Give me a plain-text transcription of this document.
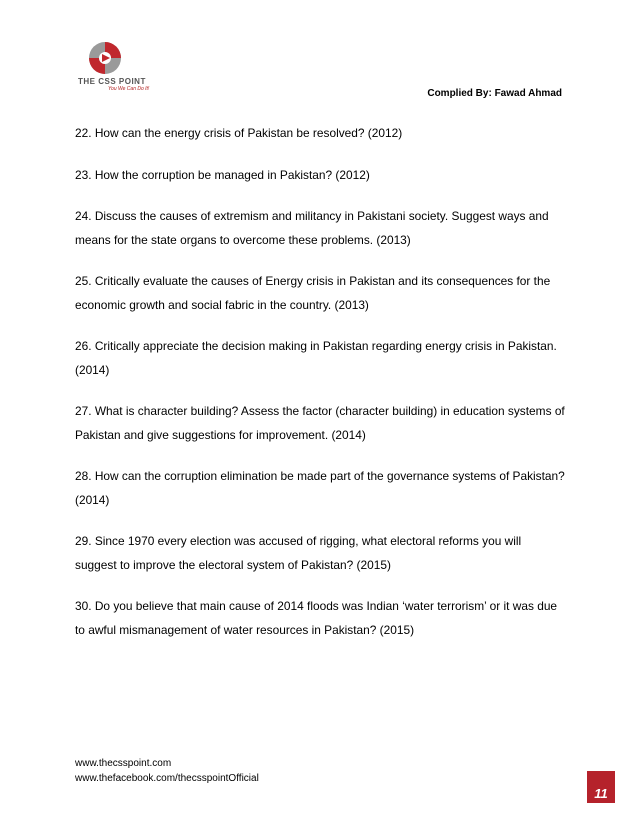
THE CSS POINT
You We Can Do It!	Complied By: Fawad Ahmad
22. How can the energy crisis of Pakistan be resolved? (2012)
23. How the corruption be managed in Pakistan? (2012)
24. Discuss the causes of extremism and militancy in Pakistani society. Suggest ways and means for the state organs to overcome these problems. (2013)
25. Critically evaluate the causes of Energy crisis in Pakistan and its consequences for the economic growth and social fabric in the country. (2013)
26. Critically appreciate the decision making in Pakistan regarding energy crisis in Pakistan. (2014)
27. What is character building? Assess the factor (character building) in education systems of Pakistan and give suggestions for improvement. (2014)
28. How can the corruption elimination be made part of the governance systems of Pakistan? (2014)
29. Since 1970 every election was accused of rigging, what electoral reforms you will suggest to improve the electoral system of Pakistan? (2015)
30. Do you believe that main cause of 2014 floods was Indian ‘water terrorism’ or it was due to awful mismanagement of water resources in Pakistan? (2015)
www.thecsspoint.com
www.thefacebook.com/thecsspointOfficial
11
